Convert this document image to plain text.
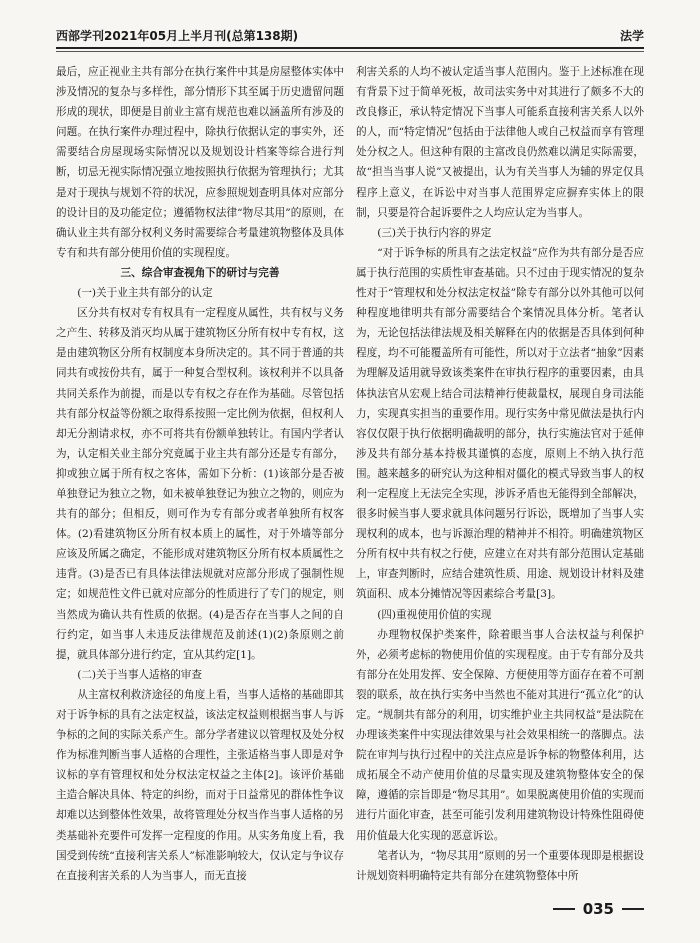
西部学刊2021年05月上半月刊(总第138期)	法学

最后，应正视业主共有部分在执行案件中其是房屋整体实体中涉及情况的复杂与多样性，部分情形下其至属于历史遗留问题形成的现状，即便是目前业主富有规范也难以涵盖所有涉及的问题。在执行案件办理过程中，除执行依据认定的事实外，还需要结合房屋现场实际情况以及规划设计档案等综合进行判断，切忌无视实际情况强立地按照执行依据为管理执行；尤其是对于现执与规划不符的状况，应参照规划查明具体对应部分的设计目的及功能定位；遵循物权法律“物尽其用”的原则，在确认业主共有部分权利义务时需要综合考量建筑物整体及具体专有和共有部分使用价值的实现程度。

三、综合审查视角下的研讨与完善

(一)关于业主共有部分的认定

区分共有权对专有权具有一定程度从属性，共有权与义务之产生、转移及消灭均从属于建筑物区分所有权中专有权，这是由建筑物区分所有权制度本身所决定的。其不同于普通的共同共有或按份共有，属于一种复合型权利。该权利并不以具备共同关系作为前提，而是以专有权之存在作为基础。尽管包括共有部分权益等份额之取得系按照一定比例为依据，但权利人却无分割请求权，亦不可将共有份额单独转让。有国内学者认为，认定相关业主部分究竟属于业主共有部分还是专有部分，抑或独立属于所有权之客体，需如下分析：(1)该部分是否被单独登记为独立之物，如未被单独登记为独立之物的，则应为共有的部分；但相反，则可作为专有部分或者单独所有权客体。(2)看建筑物区分所有权本质上的属性，对于外墙等部分应该及所属之确定，不能形成对建筑物区分所有权本质属性之违背。(3)是否已有具体法律法规就对应部分形成了强制性规定；如规范性文件已就对应部分的性质进行了专门的规定，则当然成为确认共有性质的依据。(4)是否存在当事人之间的自行约定，如当事人未违反法律规范及前述(1)(2)条原则之前提，就具体部分进行约定，宜从其约定[1]。

(二)关于当事人适格的审查

从主富权利救济途径的角度上看，当事人适格的基础即其对于诉争标的具有之法定权益，该法定权益则根据当事人与诉争标的之间的实际关系产生。部分学者建议以管理权及处分权作为标准判断当事人适格的合理性，主张适格当事人即是对争议标的享有管理权和处分权法定权益之主体[2]。该评价基础主造合解决具体、特定的纠纷，而对于日益常见的群体性争议却难以达到整体性效果，故将管理处分权当作当事人适格的另类基础补充要件可发挥一定程度的作用。从实务角度上看，我国受到传统“直接利害关系人”标准影响较大，仅认定与争议存在直接利害关系的人为当事人，而无直接

利害关系的人均不被认定适当事人范围内。鉴于上述标准在现有背景下过于简单死板，故司法实务中对其进行了颇多不大的改良修正，承认特定情况下当事人可能系直接利害关系人以外的人，而“特定情况”包括由于法律他人或自己权益而享有管理处分权之人。但这种有限的主富改良仍然难以满足实际需要，故“担当当事人说”又被提出，认为有关当事人为辅的界定仅具程序上意义，在诉讼中对当事人范围界定应摒弃实体上的限制，只要是符合起诉要件之人均应认定为当事人。

(三)关于执行内容的界定

“对于诉争标的所具有之法定权益”应作为共有部分是否应属于执行范围的实质性审查基础。只不过由于现实情况的复杂性对于“管理权和处分权法定权益”除专有部分以外其他可以何种程度地律明共有部分需要结合个案情况具体分析。笔者认为，无论包括法律法规及相关解释在内的依据是否具体到何种程度，均不可能覆盖所有可能性，所以对于立法者“抽象”因素为理解及适用就导致该类案件在审执行程序的重要因素，由具体执法官从宏观上结合司法精神行使裁量权，展现自身司法能力，实现真实担当的重要作用。现行实务中常见做法是执行内容仅仅限于执行依据明确裁明的部分，执行实施法官对于延伸涉及共有部分基本持极其谨慎的态度，原则上不纳入执行范围。越来越多的研究认为这种相对僵化的模式导致当事人的权利一定程度上无法完全实现，涉诉矛盾也无能得到全部解决，很多时候当事人要求就具体问题另行诉讼，既增加了当事人实现权利的成本，也与诉源治理的精神并不相符。明确建筑物区分所有权中共有权之行使，应建立在对共有部分范围认定基础上，审查判断时，应结合建筑性质、用途、规划设计材料及建筑面积、成本分摊情况等因素综合考量[3]。

(四)重视使用价值的实现

办理物权保护类案件，除着眼当事人合法权益与利保护外，必须考虑标的物使用价值的实现程度。由于专有部分及共有部分在处用发挥、安全保障、方便使用等方面存在着不可割裂的联系，故在执行实务中当然也不能对其进行“孤立化”的认定。“规制共有部分的利用，切实维护业主共同权益”是法院在办理该类案件中实现法律效果与社会效果相统一的落脚点。法院在审判与执行过程中的关注点应是诉争标的物整体利用，达成拓展全不动产使用价值的尽量实现及建筑物整体安全的保障，遵循的宗旨即是“物尽其用”。如果脱离使用价值的实现而进行片面化审查，甚至可能引发利用建筑物设计特殊性阻碍使用价值最大化实现的恶意诉讼。

笔者认为，“物尽其用”原则的另一个重要体现即是根据设计规划资料明确特定共有部分在建筑物整体中所

035
